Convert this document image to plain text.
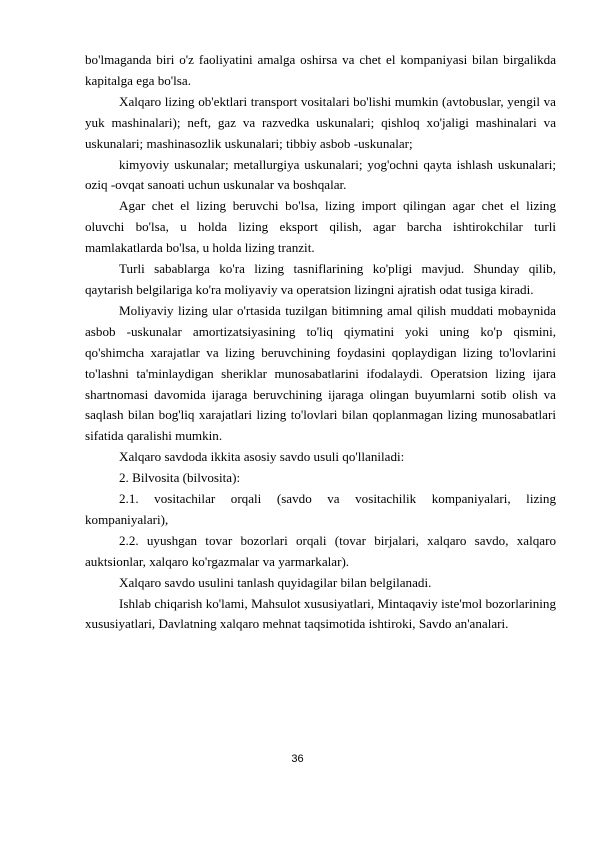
bo'lmaganda biri o'z faoliyatini amalga oshirsa va chet el kompaniyasi bilan birgalikda kapitalga ega bo'lsa.

Xalqaro lizing ob'ektlari transport vositalari bo'lishi mumkin (avtobuslar, yengil va yuk mashinalari); neft, gaz va razvedka uskunalari; qishloq xo'jaligi mashinalari va uskunalari; mashinasozlik uskunalari; tibbiy asbob -uskunalar;

kimyoviy uskunalar; metallurgiya uskunalari; yog'ochni qayta ishlash uskunalari; oziq -ovqat sanoati uchun uskunalar va boshqalar.

Agar chet el lizing beruvchi bo'lsa, lizing import qilingan agar chet el lizing oluvchi bo'lsa, u holda lizing eksport qilish, agar barcha ishtirokchilar turli mamlakatlarda bo'lsa, u holda lizing tranzit.

Turli sabablarga ko'ra lizing tasniflarining ko'pligi mavjud. Shunday qilib, qaytarish belgilariga ko'ra moliyaviy va operatsion lizingni ajratish odat tusiga kiradi.

Moliyaviy lizing ular o'rtasida tuzilgan bitimning amal qilish muddati mobaynida asbob -uskunalar amortizatsiyasining to'liq qiymatini yoki uning ko'p qismini, qo'shimcha xarajatlar va lizing beruvchining foydasini qoplaydigan lizing to'lovlarini to'lashni ta'minlaydigan sheriklar munosabatlarini ifodalaydi. Operatsion lizing ijara shartnomasi davomida ijaraga beruvchining ijaraga olingan buyumlarni sotib olish va saqlash bilan bog'liq xarajatlari lizing to'lovlari bilan qoplanmagan lizing munosabatlari sifatida qaralishi mumkin.

Xalqaro savdoda ikkita asosiy savdo usuli qo'llaniladi:

2. Bilvosita (bilvosita):

2.1. vositachilar orqali (savdo va vositachilik kompaniyalari, lizing kompaniyalari),

2.2. uyushgan tovar bozorlari orqali (tovar birjalari, xalqaro savdo, xalqaro auktsionlar, xalqaro ko'rgazmalar va yarmarkalar).

Xalqaro savdo usulini tanlash quyidagilar bilan belgilanadi.

Ishlab chiqarish ko'lami, Mahsulot xususiyatlari, Mintaqaviy iste'mol bozorlarining xususiyatlari, Davlatning xalqaro mehnat taqsimotida ishtiroki, Savdo an'analari.

36
